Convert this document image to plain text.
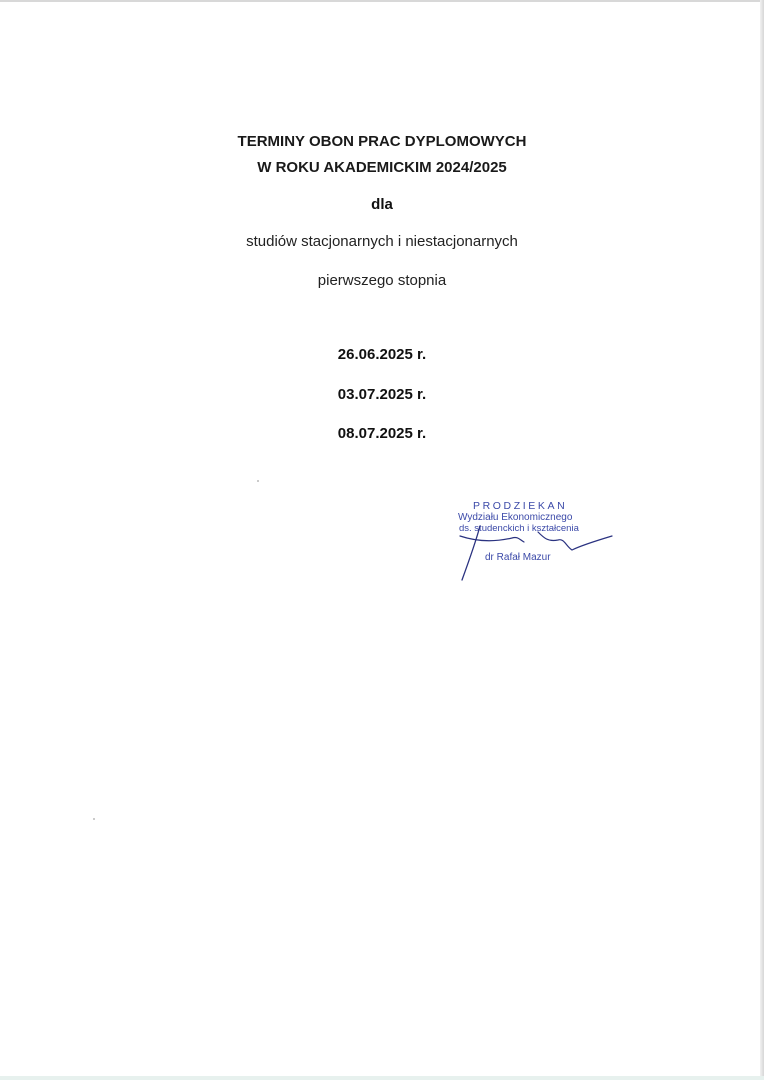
TERMINY OBON PRAC DYPLOMOWYCH
W ROKU AKADEMICKIM 2024/2025
dla
studiów stacjonarnych i niestacjonarnych
pierwszego stopnia
26.06.2025 r.
03.07.2025 r.
08.07.2025 r.
PRODZIEKAN
Wydziału Ekonomicznego
ds. studenckich i kształcenia
dr Rafał Mazur
